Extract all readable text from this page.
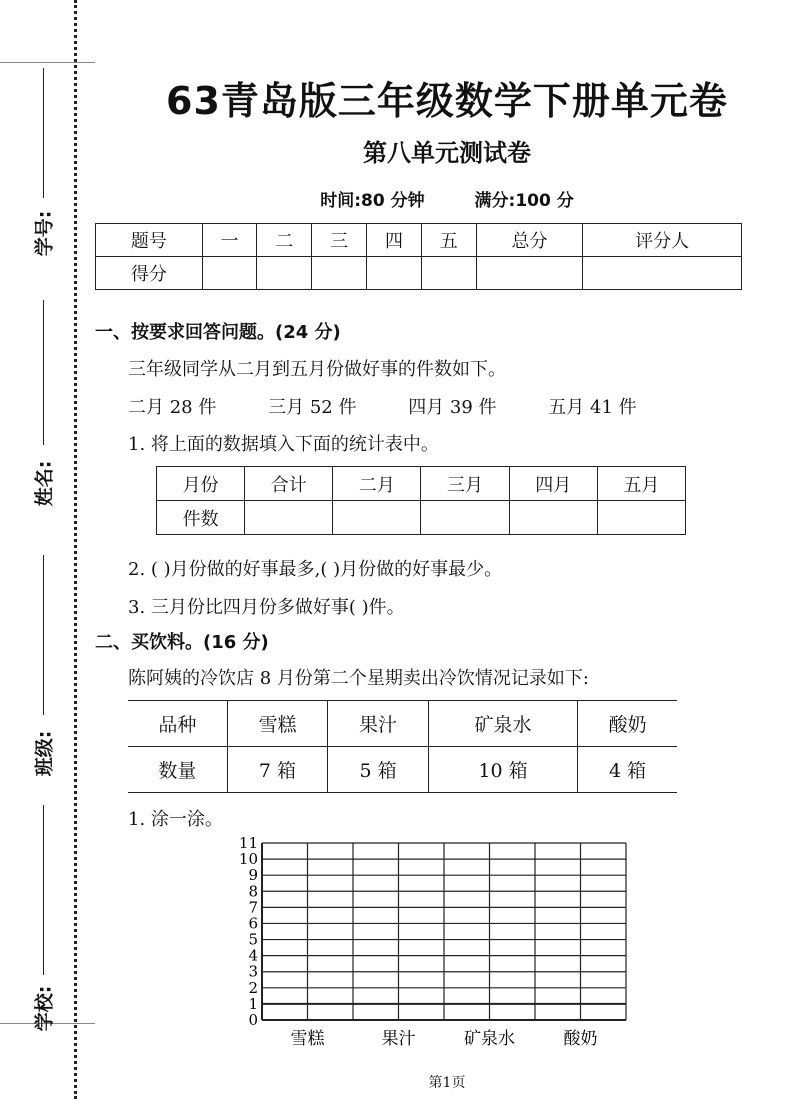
学号:
姓名:
班级:
学校:
63青岛版三年级数学下册单元卷
第八单元测试卷
时间:80 分钟	满分:100 分
题号	一	二	三	四	五	总分	评分人
得分							
一、按要求回答问题。(24 分)
三年级同学从二月到五月份做好事的件数如下。
二月 28 件	三月 52 件	四月 39 件	五月 41 件
1. 将上面的数据填入下面的统计表中。
月份	合计	二月	三月	四月	五月
件数					
2. ( )月份做的好事最多,( )月份做的好事最少。
3. 三月份比四月份多做好事( )件。
二、买饮料。(16 分)
陈阿姨的冷饮店 8 月份第二个星期卖出冷饮情况记录如下:
品种	雪糕	果汁	矿泉水	酸奶
数量	7 箱	5 箱	10 箱	4 箱
1. 涂一涂。
0
1
2
3
4
5
6
7
8
9
10
11
雪糕	果汁	矿泉水	酸奶
第1页
